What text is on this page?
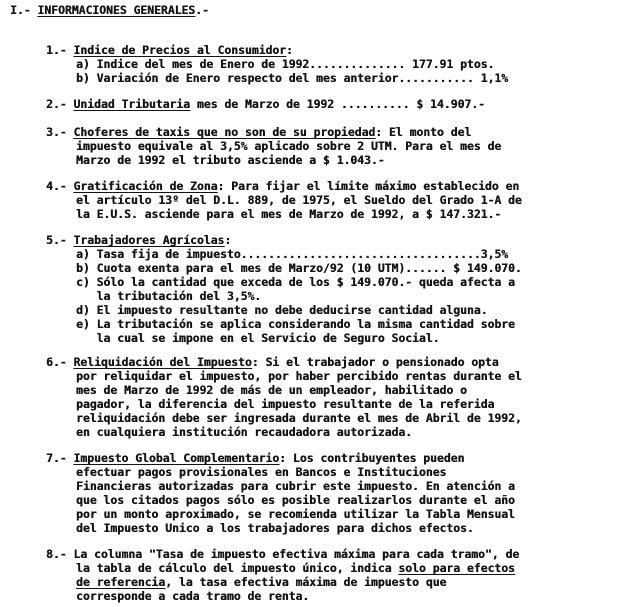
I.- INFORMACIONES GENERALES.-
1.- Indice de Precios al Consumidor:
a) Indice del mes de Enero de 1992.............. 177.91 ptos.
b) Variación de Enero respecto del mes anterior........... 1,1%
2.- Unidad Tributaria mes de Marzo de 1992 .......... $ 14.907.-
3.- Choferes de taxis que no son de su propiedad: El monto del
impuesto equivale al 3,5% aplicado sobre 2 UTM. Para el mes de
Marzo de 1992 el tributo asciende a $ 1.043.-
4.- Gratificación de Zona: Para fijar el límite máximo establecido en
el artículo 13º del D.L. 889, de 1975, el Sueldo del Grado 1-A de
la E.U.S. asciende para el mes de Marzo de 1992, a $ 147.321.-
5.- Trabajadores Agrícolas:
a) Tasa fija de impuesto...................................3,5%
b) Cuota exenta para el mes de Marzo/92 (10 UTM)...... $ 149.070.
c) Sólo la cantidad que exceda de los $ 149.070.- queda afecta a
la tributación del 3,5%.
d) El impuesto resultante no debe deducirse cantidad alguna.
e) La tributación se aplica considerando la misma cantidad sobre
la cual se impone en el Servicio de Seguro Social.
6.- Reliquidación del Impuesto: Si el trabajador o pensionado opta
por reliquidar el impuesto, por haber percibido rentas durante el
mes de Marzo de 1992 de más de un empleador, habilitado o
pagador, la diferencia del impuesto resultante de la referida
reliquidación debe ser ingresada durante el mes de Abril de 1992,
en cualquiera institución recaudadora autorizada.
7.- Impuesto Global Complementario: Los contribuyentes pueden
efectuar pagos provisionales en Bancos e Instituciones
Financieras autorizadas para cubrir este impuesto. En atención a
que los citados pagos sólo es posible realizarlos durante el año
por un monto aproximado, se recomienda utilizar la Tabla Mensual
del Impuesto Unico a los trabajadores para dichos efectos.
8.- La columna "Tasa de impuesto efectiva máxima para cada tramo", de
la tabla de cálculo del impuesto único, indica solo para efectos
de referencia, la tasa efectiva máxima de impuesto que
corresponde a cada tramo de renta.
